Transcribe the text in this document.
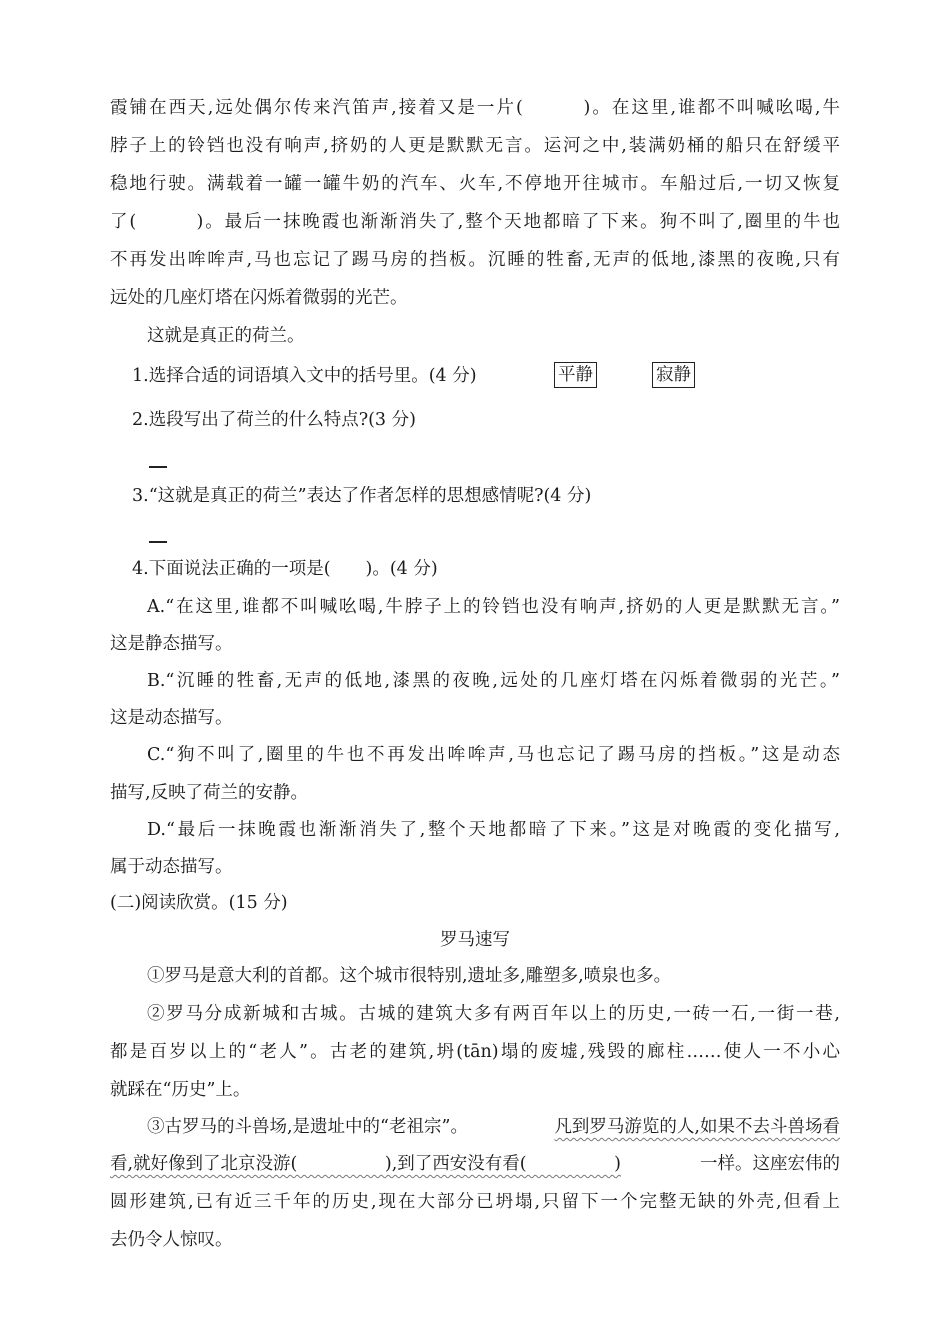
霞铺在西天,远处偶尔传来汽笛声,接着又是一片(　　　)。在这里,谁都不叫喊吆喝,牛
脖子上的铃铛也没有响声,挤奶的人更是默默无言。运河之中,装满奶桶的船只在舒缓平
稳地行驶。满载着一罐一罐牛奶的汽车、火车,不停地开往城市。车船过后,一切又恢复
了(　　　)。最后一抹晚霞也渐渐消失了,整个天地都暗了下来。狗不叫了,圈里的牛也
不再发出哞哞声,马也忘记了踢马房的挡板。沉睡的牲畜,无声的低地,漆黑的夜晚,只有
远处的几座灯塔在闪烁着微弱的光芒。
这就是真正的荷兰。
1.选择合适的词语填入文中的括号里。(4 分)	平静	寂静
2.选段写出了荷兰的什么特点?(3 分)
3.“这就是真正的荷兰”表达了作者怎样的思想感情呢?(4 分)
4.下面说法正确的一项是(　　)。(4 分)
A.“在这里,谁都不叫喊吆喝,牛脖子上的铃铛也没有响声,挤奶的人更是默默无言。”
这是静态描写。
B.“沉睡的牲畜,无声的低地,漆黑的夜晚,远处的几座灯塔在闪烁着微弱的光芒。”
这是动态描写。
C.“狗不叫了,圈里的牛也不再发出哞哞声,马也忘记了踢马房的挡板。”这是动态
描写,反映了荷兰的安静。
D.“最后一抹晚霞也渐渐消失了,整个天地都暗了下来。”这是对晚霞的变化描写,
属于动态描写。
(二)阅读欣赏。(15 分)
罗马速写
①罗马是意大利的首都。这个城市很特别,遗址多,雕塑多,喷泉也多。
②罗马分成新城和古城。古城的建筑大多有两百年以上的历史,一砖一石,一街一巷,
都是百岁以上的“老人”。古老的建筑,坍(tān)塌的废墟,残毁的廊柱……使人一不小心
就踩在“历史”上。
③古罗马的斗兽场,是遗址中的“老祖宗”。	凡到罗马游览的人,如果不去斗兽场看
看,就好像到了北京没游(　　　　　),到了西安没有看(　　　　　)	一样。这座宏伟的
圆形建筑,已有近三千年的历史,现在大部分已坍塌,只留下一个完整无缺的外壳,但看上
去仍令人惊叹。
